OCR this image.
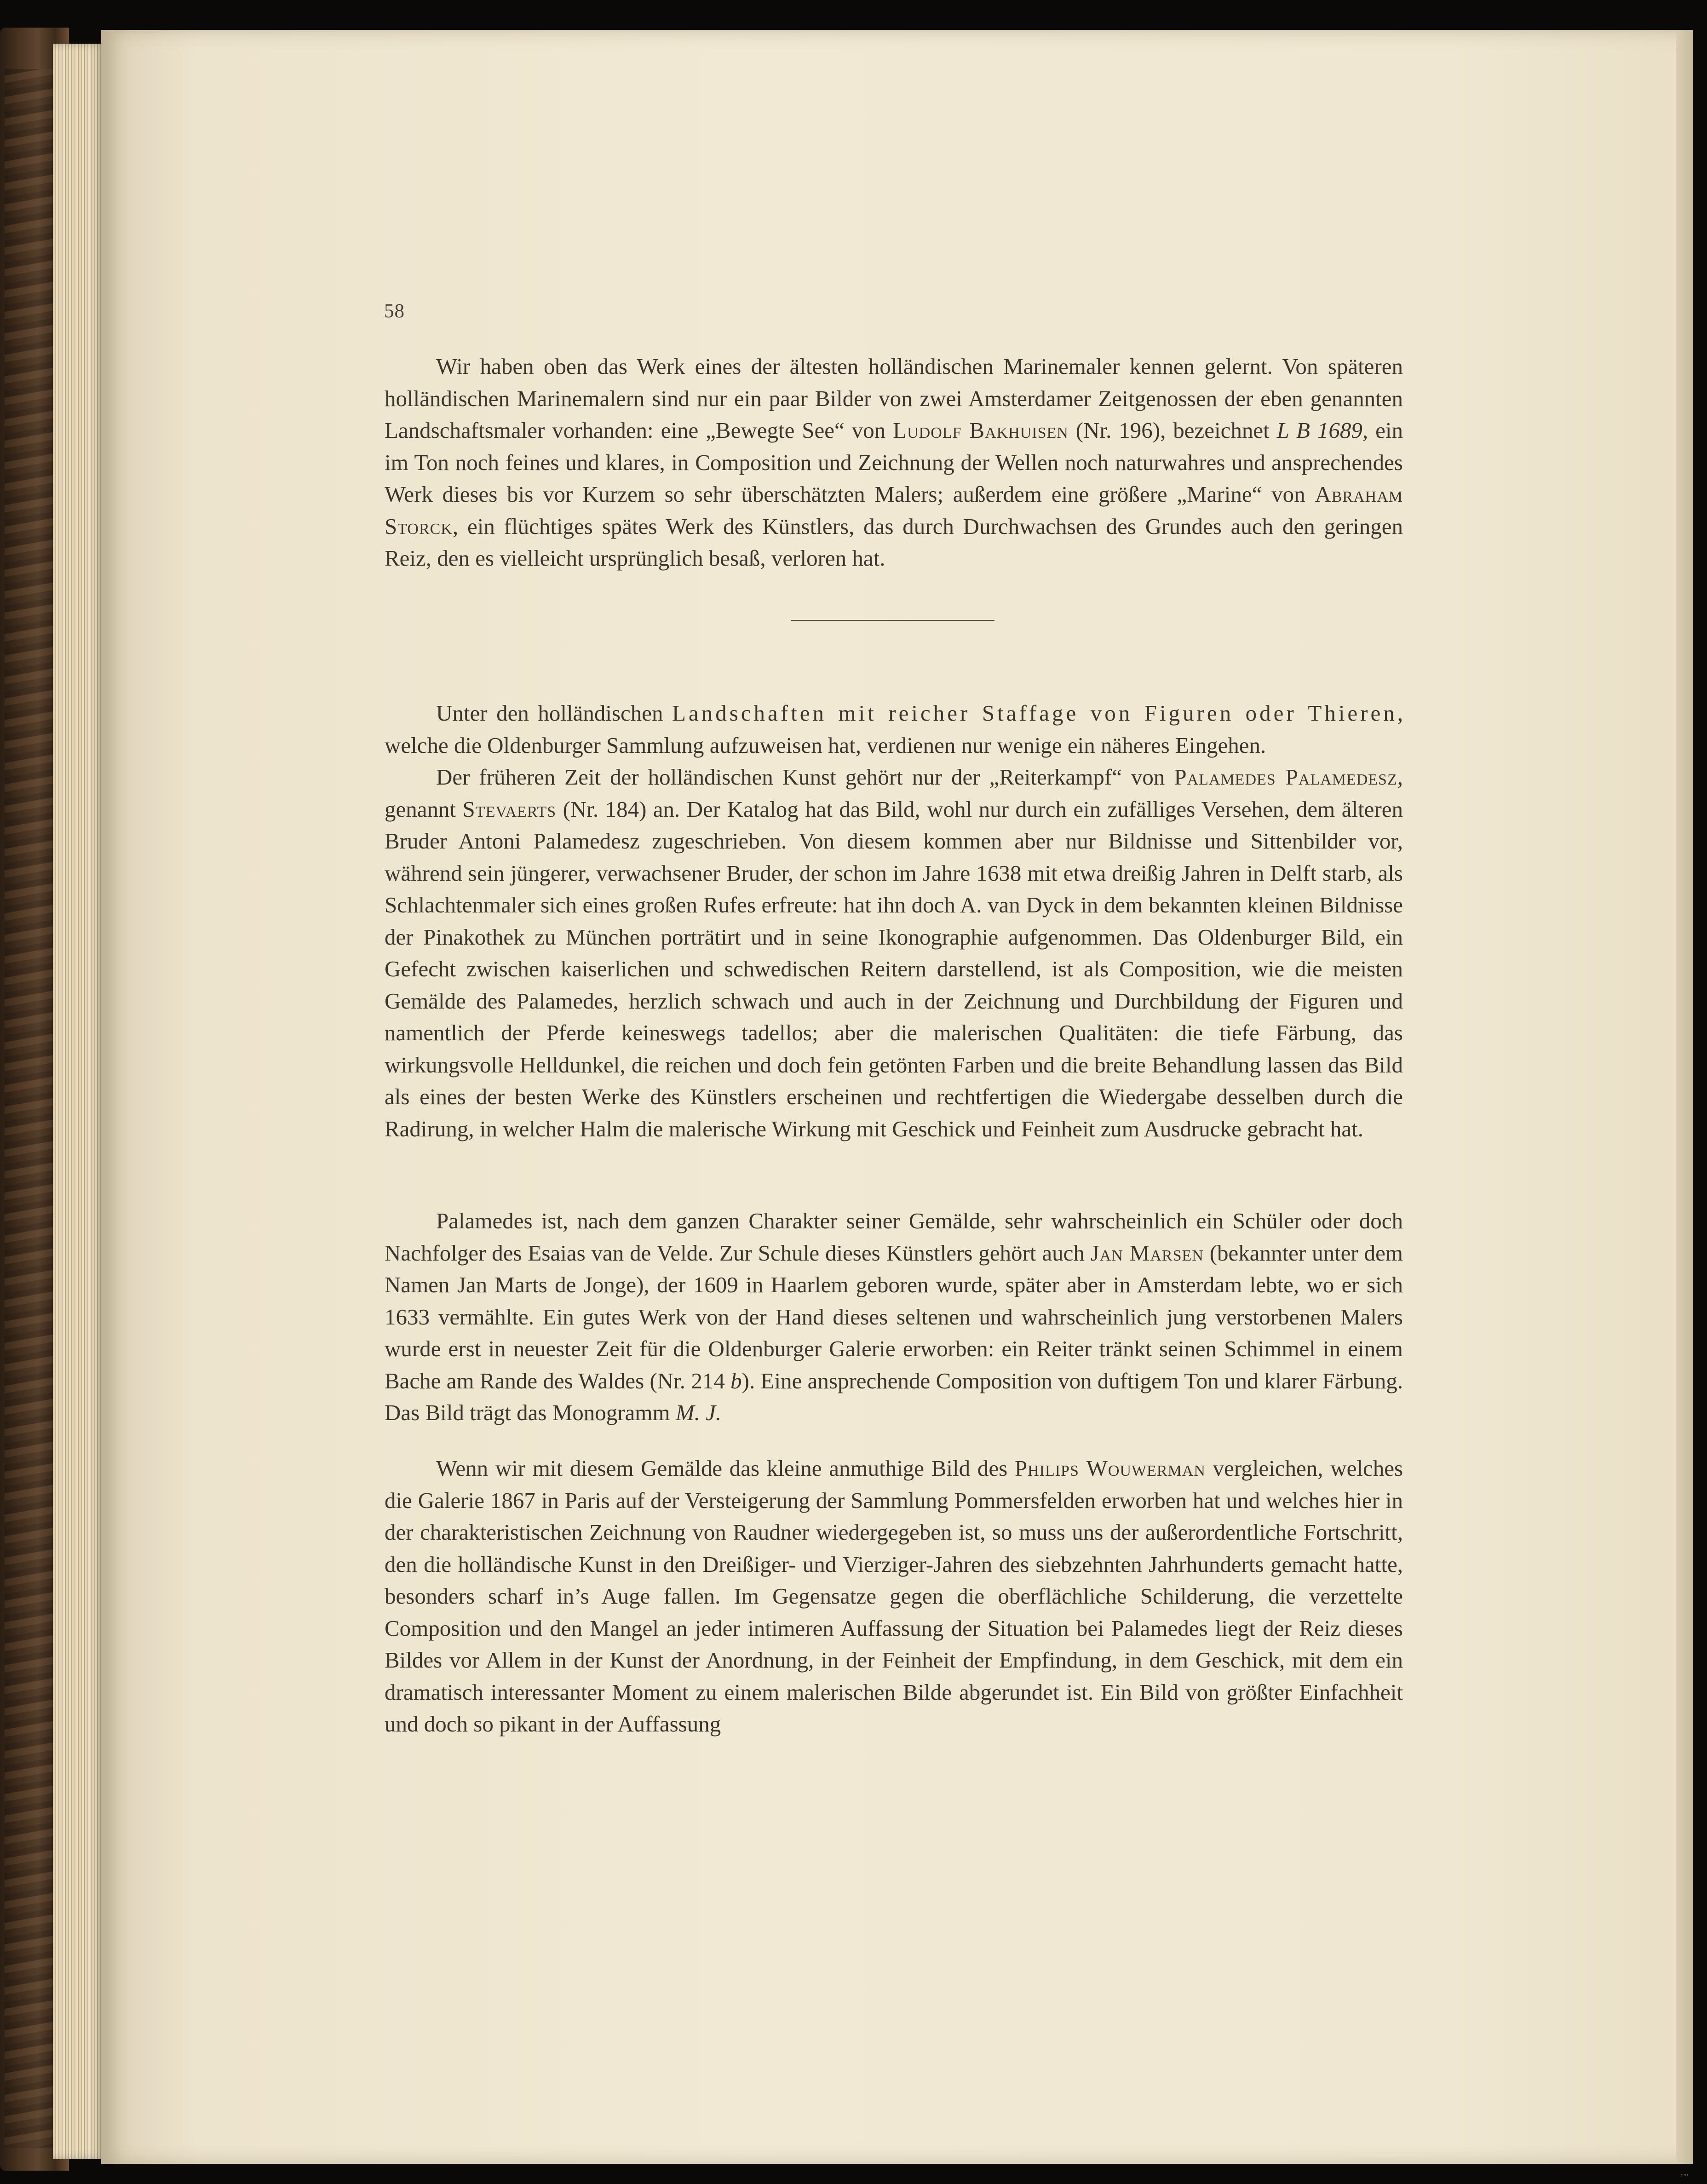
58

Wir haben oben das Werk eines der ältesten holländischen Marinemaler kennen gelernt. Von späteren holländischen Marinemalern sind nur ein paar Bilder von zwei Amsterdamer Zeitgenossen der eben genannten Landschaftsmaler vorhanden: eine „Bewegte See“ von Ludolf Bakhuisen (Nr. 196), bezeichnet L B 1689, ein im Ton noch feines und klares, in Composition und Zeichnung der Wellen noch naturwahres und ansprechendes Werk dieses bis vor Kurzem so sehr überschätzten Malers; außerdem eine größere „Marine“ von Abraham Storck, ein flüchtiges spätes Werk des Künstlers, das durch Durchwachsen des Grundes auch den geringen Reiz, den es vielleicht ursprünglich besaß, verloren hat.

Unter den holländischen Landschaften mit reicher Staffage von Figuren oder Thieren, welche die Oldenburger Sammlung aufzuweisen hat, verdienen nur wenige ein näheres Eingehen.

Der früheren Zeit der holländischen Kunst gehört nur der „Reiterkampf“ von Palamedes Palamedesz, genannt Stevaerts (Nr. 184) an. Der Katalog hat das Bild, wohl nur durch ein zufälliges Versehen, dem älteren Bruder Antoni Palamedesz zugeschrieben. Von diesem kommen aber nur Bildnisse und Sittenbilder vor, während sein jüngerer, verwachsener Bruder, der schon im Jahre 1638 mit etwa dreißig Jahren in Delft starb, als Schlachtenmaler sich eines großen Rufes erfreute: hat ihn doch A. van Dyck in dem bekannten kleinen Bildnisse der Pinakothek zu München porträtirt und in seine Ikonographie aufgenommen. Das Oldenburger Bild, ein Gefecht zwischen kaiserlichen und schwedischen Reitern darstellend, ist als Composition, wie die meisten Gemälde des Palamedes, herzlich schwach und auch in der Zeichnung und Durchbildung der Figuren und namentlich der Pferde keineswegs tadellos; aber die malerischen Qualitäten: die tiefe Färbung, das wirkungsvolle Helldunkel, die reichen und doch fein getönten Farben und die breite Behandlung lassen das Bild als eines der besten Werke des Künstlers erscheinen und rechtfertigen die Wiedergabe desselben durch die Radirung, in welcher Halm die malerische Wirkung mit Geschick und Feinheit zum Ausdrucke gebracht hat.

Palamedes ist, nach dem ganzen Charakter seiner Gemälde, sehr wahrscheinlich ein Schüler oder doch Nachfolger des Esaias van de Velde. Zur Schule dieses Künstlers gehört auch Jan Marsen (bekannter unter dem Namen Jan Marts de Jonge), der 1609 in Haarlem geboren wurde, später aber in Amsterdam lebte, wo er sich 1633 vermählte. Ein gutes Werk von der Hand dieses seltenen und wahrscheinlich jung verstorbenen Malers wurde erst in neuester Zeit für die Oldenburger Galerie erworben: ein Reiter tränkt seinen Schimmel in einem Bache am Rande des Waldes (Nr. 214 b). Eine ansprechende Composition von duftigem Ton und klarer Färbung. Das Bild trägt das Monogramm M. J.

Wenn wir mit diesem Gemälde das kleine anmuthige Bild des Philips Wouwerman vergleichen, welches die Galerie 1867 in Paris auf der Versteigerung der Sammlung Pommersfelden erworben hat und welches hier in der charakteristischen Zeichnung von Raudner wiedergegeben ist, so muss uns der außerordentliche Fortschritt, den die holländische Kunst in den Dreißiger- und Vierziger-Jahren des siebzehnten Jahrhunderts gemacht hatte, besonders scharf in’s Auge fallen. Im Gegensatze gegen die oberflächliche Schilderung, die verzettelte Composition und den Mangel an jeder intimeren Auffassung der Situation bei Palamedes liegt der Reiz dieses Bildes vor Allem in der Kunst der Anordnung, in der Feinheit der Empfindung, in dem Geschick, mit dem ein dramatisch interessanter Moment zu einem malerischen Bilde abgerundet ist. Ein Bild von größter Einfachheit und doch so pikant in der Auffassung

r ••
